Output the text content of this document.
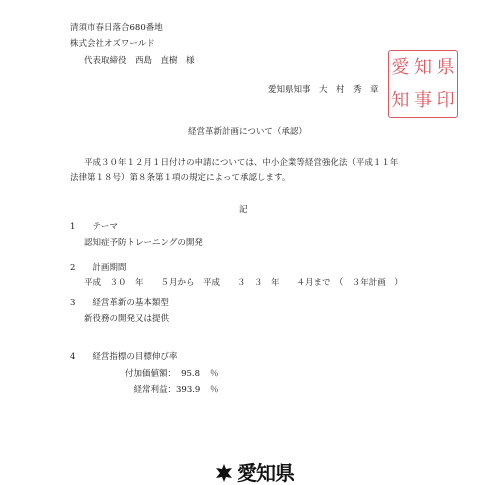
清須市春日落合680番地
株式会社オズワールド
代表取締役　西島　直樹　様
愛知県知事　大　村　秀　章
愛 知 県
知 事 印
経営革新計画について（承認）
平成３０年１２月１日付けの申請については、中小企業等経営強化法（平成１１年
法律第１８号）第８条第１項の規定によって承認します。
記
1　　テーマ
認知症予防トレーニングの開発
2　　計画期間
平成　３０　年　　５月から　平成　　３　３　年　　４月まで　（　３年計画　）
3　　経営革新の基本類型
新役務の開発又は提供
4　　経営指標の目標伸び率
付加価値額： 95.8 ％
経常利益： 393.9 ％
愛知県
